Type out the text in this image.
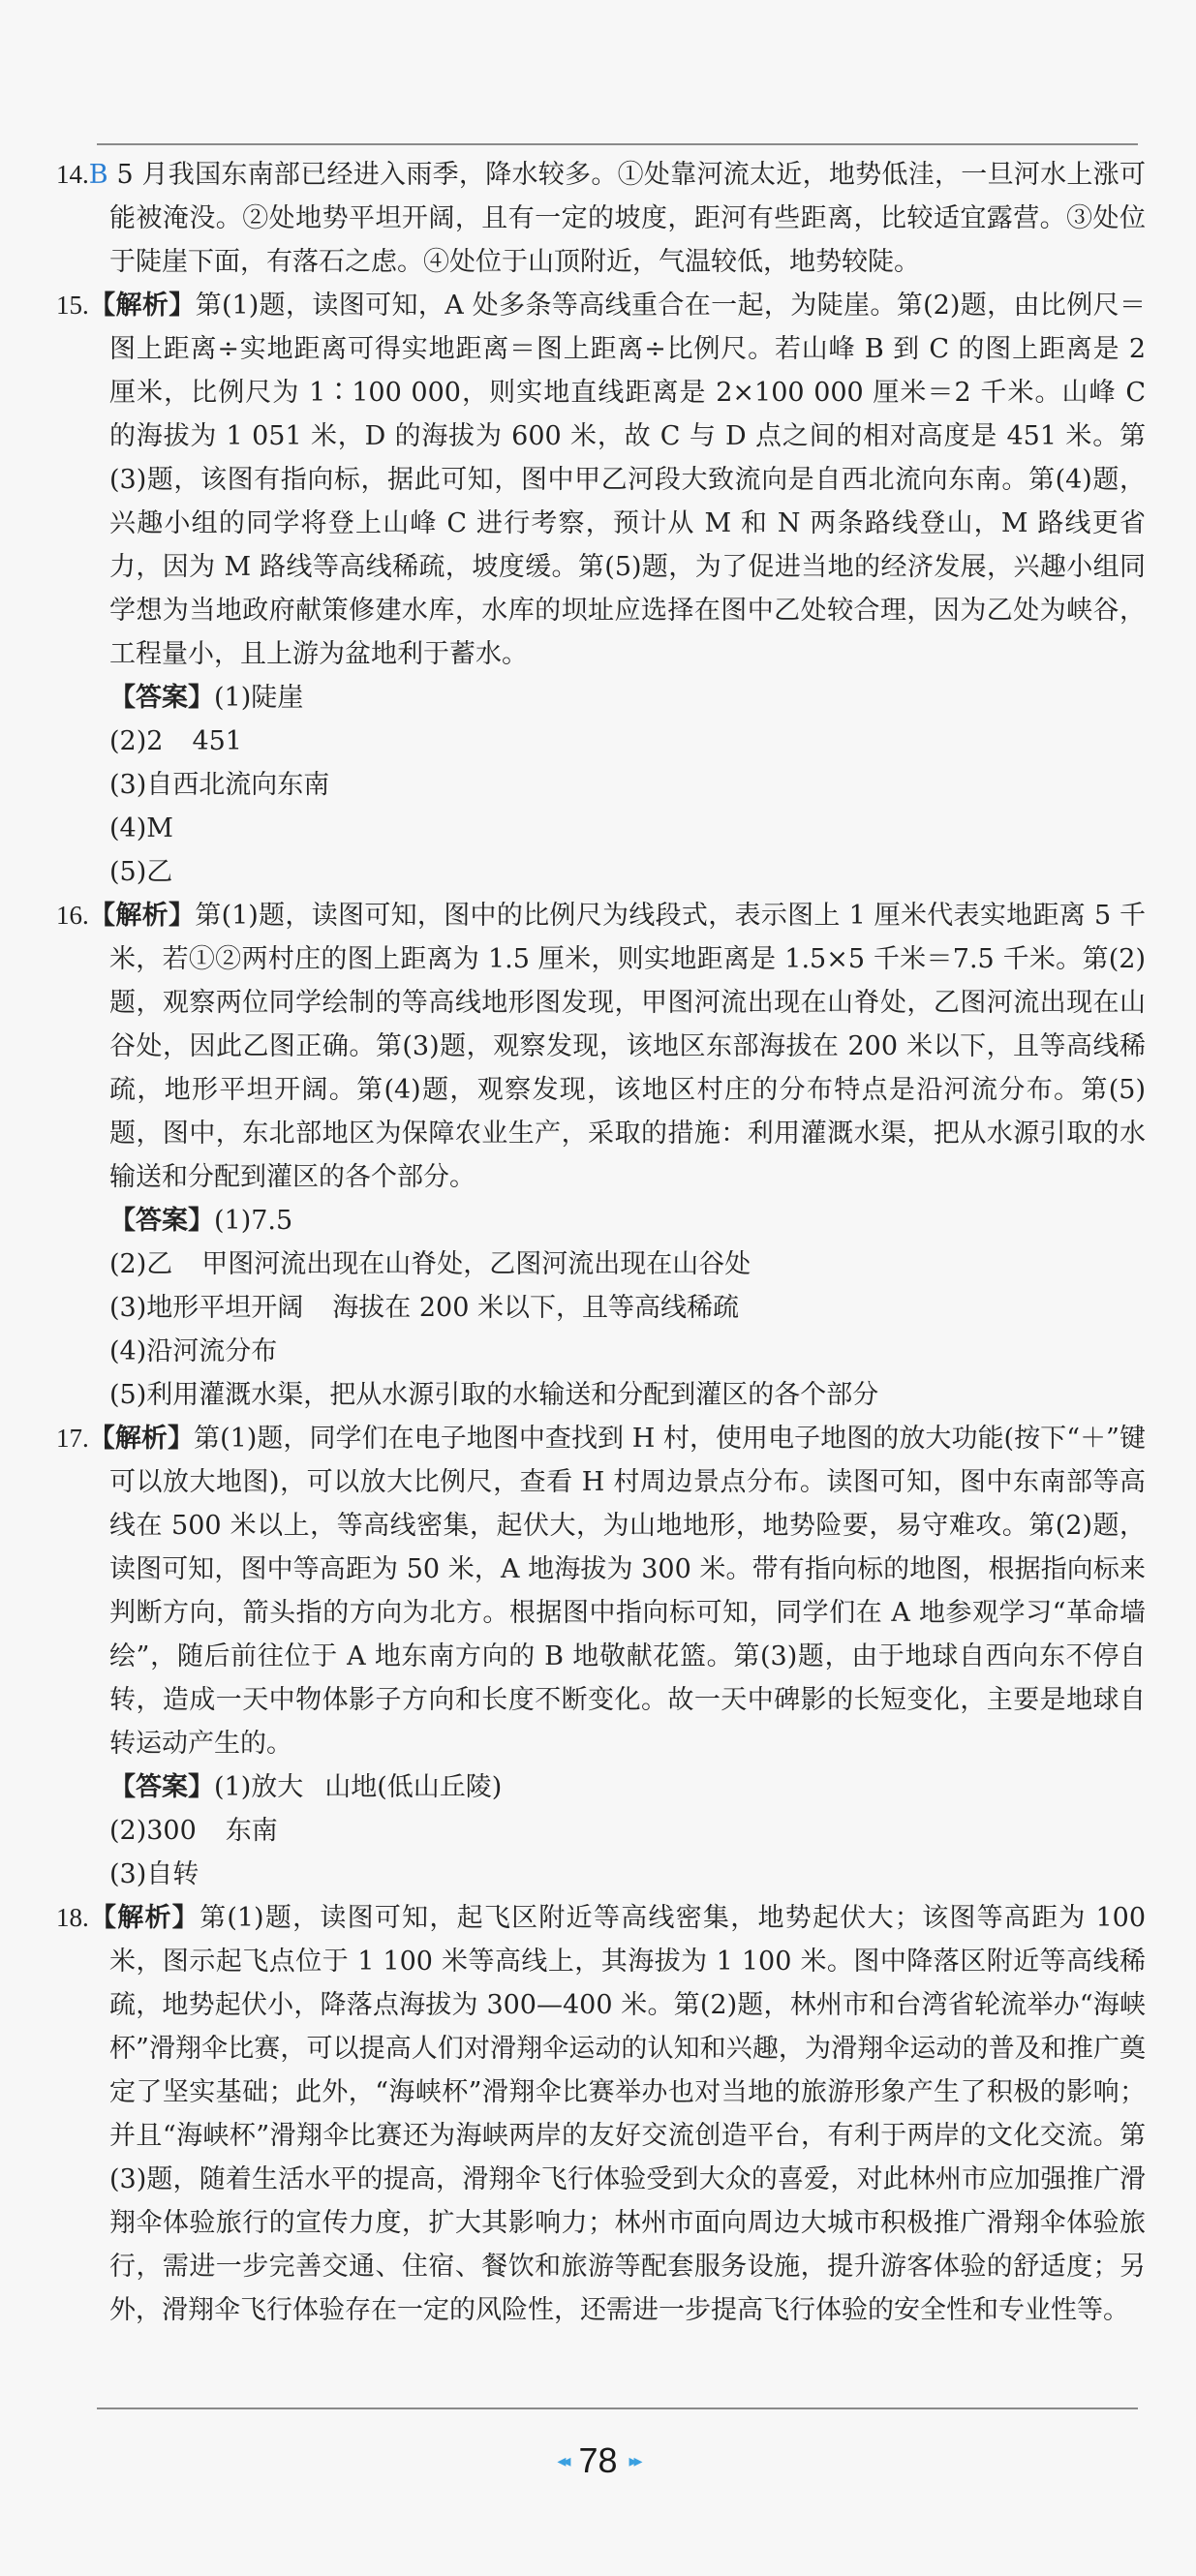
14.B 5 月我国东南部已经进入雨季，降水较多。①处靠河流太近，地势低洼，一旦河水上涨可能被淹没。②处地势平坦开阔，且有一定的坡度，距河有些距离，比较适宜露营。③处位于陡崖下面，有落石之虑。④处位于山顶附近，气温较低，地势较陡。

15.【解析】第(1)题，读图可知，A 处多条等高线重合在一起，为陡崖。第(2)题，由比例尺＝图上距离÷实地距离可得实地距离＝图上距离÷比例尺。若山峰 B 到 C 的图上距离是 2 厘米，比例尺为 1∶100 000，则实地直线距离是 2×100 000 厘米＝2 千米。山峰 C 的海拔为 1 051 米，D 的海拔为 600 米，故 C 与 D 点之间的相对高度是 451 米。第(3)题，该图有指向标，据此可知，图中甲乙河段大致流向是自西北流向东南。第(4)题，兴趣小组的同学将登上山峰 C 进行考察，预计从 M 和 N 两条路线登山，M 路线更省力，因为 M 路线等高线稀疏，坡度缓。第(5)题，为了促进当地的经济发展，兴趣小组同学想为当地政府献策修建水库，水库的坝址应选择在图中乙处较合理，因为乙处为峡谷，工程量小，且上游为盆地利于蓄水。

【答案】(1)陡崖

(2)2 451

(3)自西北流向东南

(4)M

(5)乙

16.【解析】第(1)题，读图可知，图中的比例尺为线段式，表示图上 1 厘米代表实地距离 5 千米，若①②两村庄的图上距离为 1.5 厘米，则实地距离是 1.5×5 千米＝7.5 千米。第(2)题，观察两位同学绘制的等高线地形图发现，甲图河流出现在山脊处，乙图河流出现在山谷处，因此乙图正确。第(3)题，观察发现，该地区东部海拔在 200 米以下，且等高线稀疏，地形平坦开阔。第(4)题，观察发现，该地区村庄的分布特点是沿河流分布。第(5)题，图中，东北部地区为保障农业生产，采取的措施：利用灌溉水渠，把从水源引取的水输送和分配到灌区的各个部分。

【答案】(1)7.5

(2)乙 甲图河流出现在山脊处，乙图河流出现在山谷处

(3)地形平坦开阔 海拔在 200 米以下，且等高线稀疏

(4)沿河流分布

(5)利用灌溉水渠，把从水源引取的水输送和分配到灌区的各个部分

17.【解析】第(1)题，同学们在电子地图中查找到 H 村，使用电子地图的放大功能(按下“＋”键可以放大地图)，可以放大比例尺，查看 H 村周边景点分布。读图可知，图中东南部等高线在 500 米以上，等高线密集，起伏大，为山地地形，地势险要，易守难攻。第(2)题，读图可知，图中等高距为 50 米，A 地海拔为 300 米。带有指向标的地图，根据指向标来判断方向，箭头指的方向为北方。根据图中指向标可知，同学们在 A 地参观学习“革命墙绘”，随后前往位于 A 地东南方向的 B 地敬献花篮。第(3)题，由于地球自西向东不停自转，造成一天中物体影子方向和长度不断变化。故一天中碑影的长短变化，主要是地球自转运动产生的。

【答案】(1)放大 山地(低山丘陵)

(2)300 东南

(3)自转

18.【解析】第(1)题，读图可知，起飞区附近等高线密集，地势起伏大；该图等高距为 100 米，图示起飞点位于 1 100 米等高线上，其海拔为 1 100 米。图中降落区附近等高线稀疏，地势起伏小，降落点海拔为 300—400 米。第(2)题，林州市和台湾省轮流举办“海峡杯”滑翔伞比赛，可以提高人们对滑翔伞运动的认知和兴趣，为滑翔伞运动的普及和推广奠定了坚实基础；此外，“海峡杯”滑翔伞比赛举办也对当地的旅游形象产生了积极的影响；并且“海峡杯”滑翔伞比赛还为海峡两岸的友好交流创造平台，有利于两岸的文化交流。第(3)题，随着生活水平的提高，滑翔伞飞行体验受到大众的喜爱，对此林州市应加强推广滑翔伞体验旅行的宣传力度，扩大其影响力；林州市面向周边大城市积极推广滑翔伞体验旅行，需进一步完善交通、住宿、餐饮和旅游等配套服务设施，提升游客体验的舒适度；另外，滑翔伞飞行体验存在一定的风险性，还需进一步提高飞行体验的安全性和专业性等。

◂◂ 78 ▸▸
